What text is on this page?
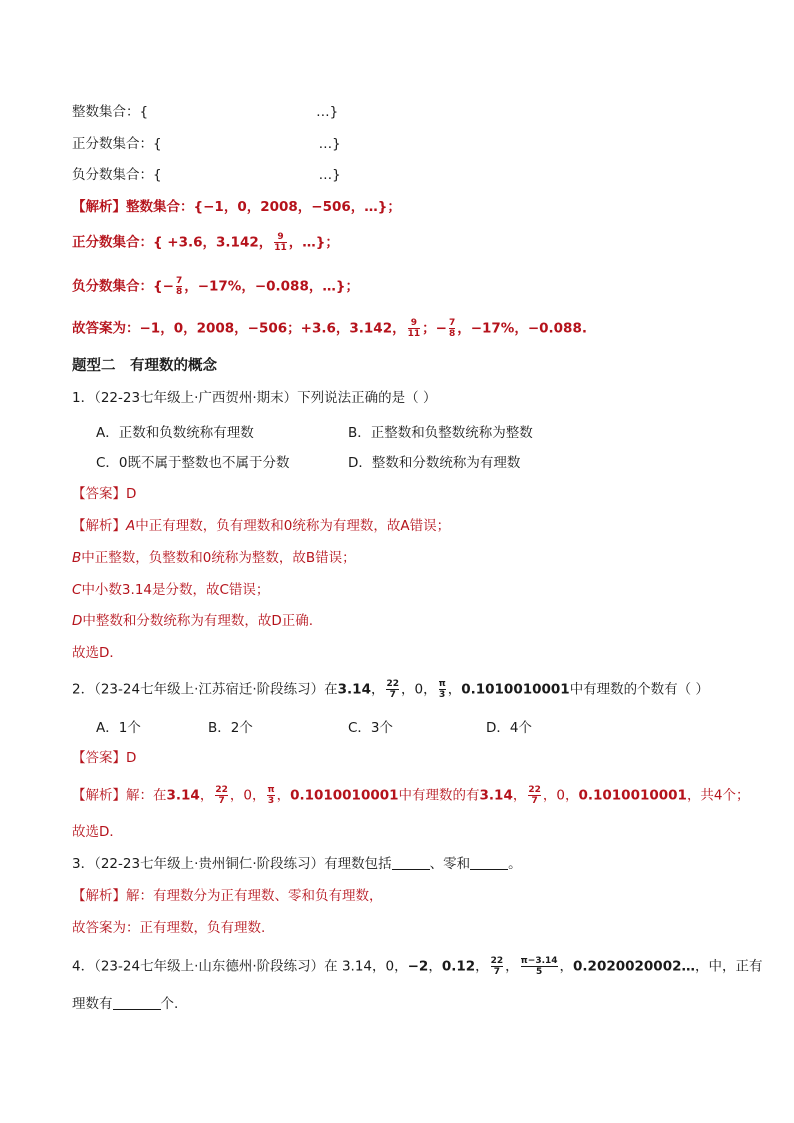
整数集合：{	…}
正分数集合：{	…}
负分数集合：{	…}
【解析】整数集合：{−1，0，2008，−506，…}；
正分数集合：{ +3.6，3.142， $\frac{9}{11}$ ，…}；
负分数集合：{− $\frac{7}{8}$ ，−17%，−0.088，…}；
故答案为：−1，0，2008，−506；+3.6，3.142， $\frac{9}{11}$ ；− $\frac{7}{8}$ ，−17%，−0.088.
题型二　有理数的概念
1．（22-23七年级上·广西贺州·期末）下列说法正确的是（ ）
A．正数和负数统称有理数	B．正整数和负整数统称为整数
C．0既不属于整数也不属于分数	D．整数和分数统称为有理数
【答案】D
【解析】A中正有理数，负有理数和0统称为有理数，故A错误；
B中正整数，负整数和0统称为整数，故B错误；
C中小数3.14是分数，故C错误；
D中整数和分数统称为有理数，故D正确.
故选D．
2．（23-24七年级上·江苏宿迁·阶段练习）在3.14， $\frac{22}{7}$ ，0， $\frac{\pi}{3}$ ，0.1010010001中有理数的个数有（ ）
A．1个	B．2个	C．3个	D．4个
【答案】D
【解析】解：在3.14， $\frac{22}{7}$ ，0， $\frac{\pi}{3}$ ，0.1010010001中有理数的有3.14， $\frac{22}{7}$ ，0，0.1010010001，共4个；
故选D．
3．（22-23七年级上·贵州铜仁·阶段练习）有理数包括	、零和	。
【解析】解：有理数分为正有理数、零和负有理数，
故答案为：正有理数，负有理数.
4．（23-24七年级上·山东德州·阶段练习）在 3.14，0，−2，0.12， $\frac{22}{7}$ ， $\frac{\pi-3.14}{5}$ ，0.2020020002…，中，正有
理数有	个.
